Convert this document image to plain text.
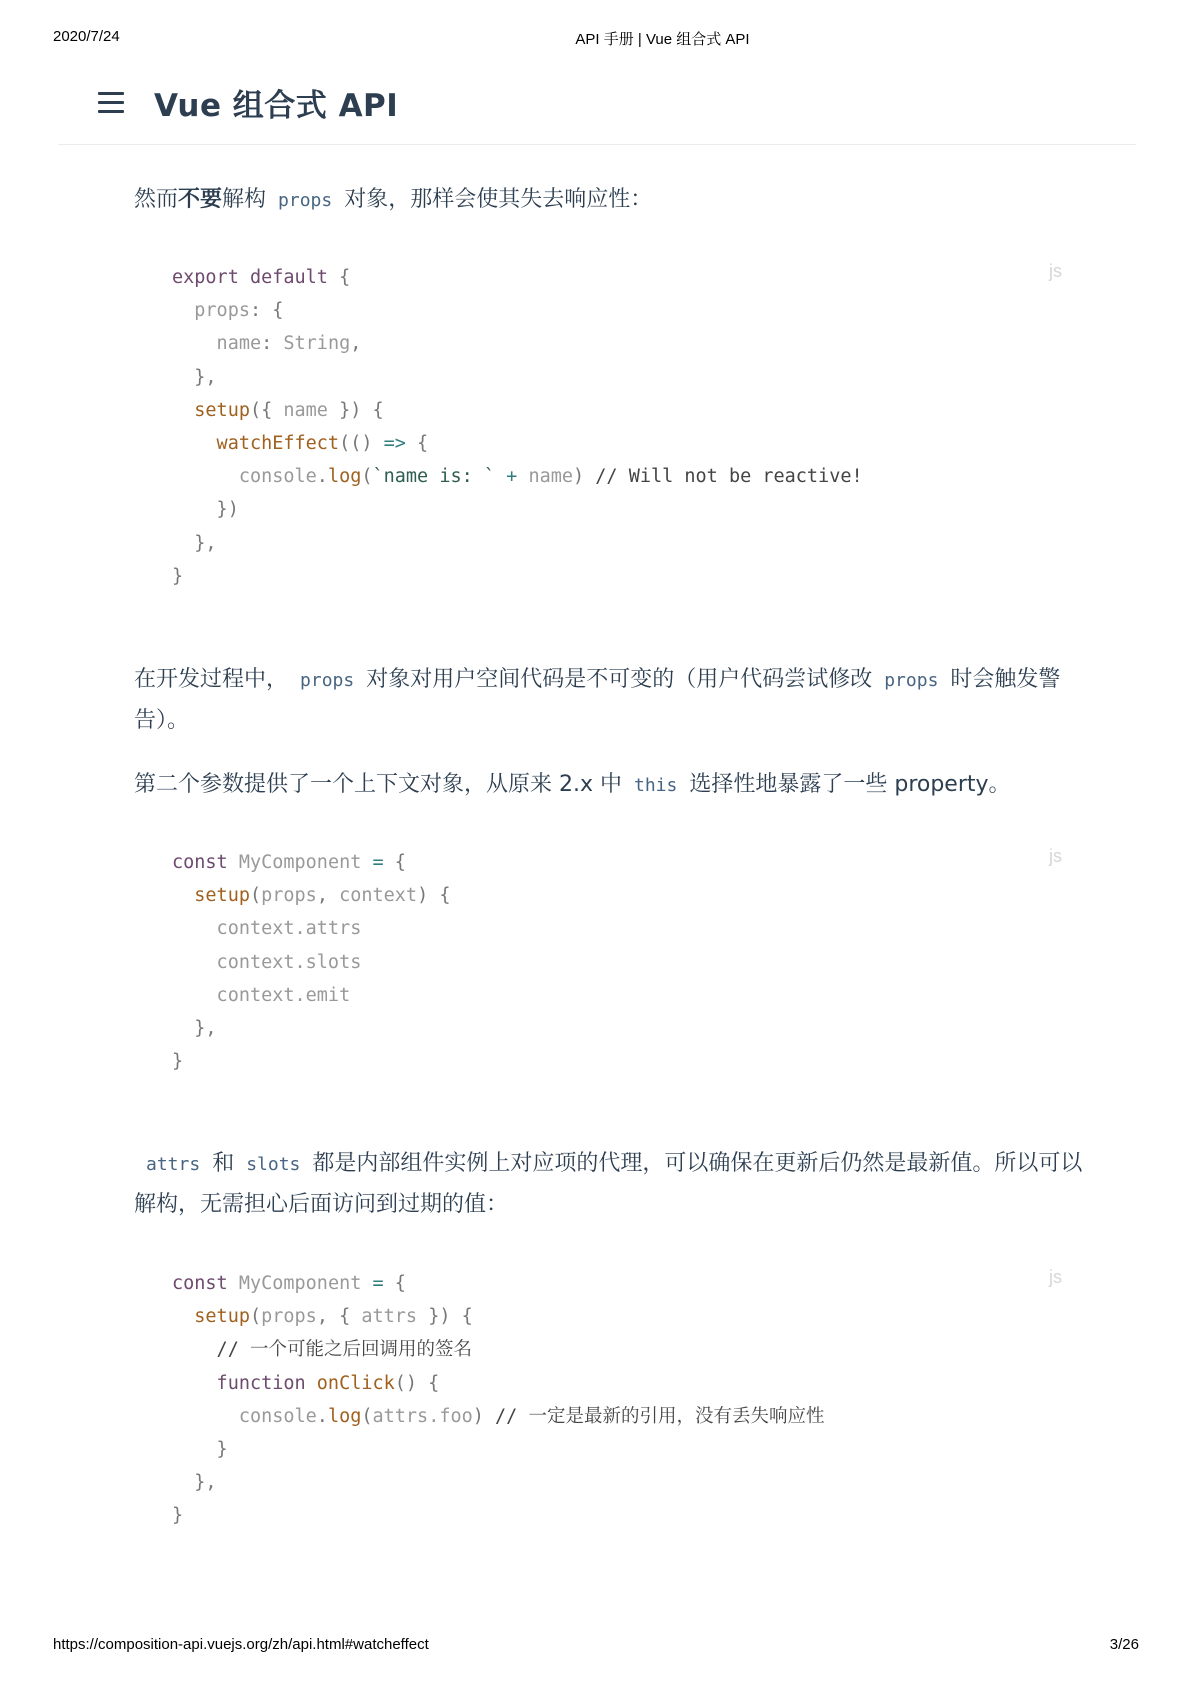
2020/7/24	API 手册 | Vue 组合式 API
Vue 组合式 API

然而不要解构 props 对象，那样会使其失去响应性：

js
export default {
props: {
name: String,
},
setup({ name }) {
watchEffect(() => {
console.log(`name is: ` + name) // Will not be reactive!
})
},
}

在开发过程中， props 对象对用户空间代码是不可变的（用户代码尝试修改 props 时会触发警告）。

第二个参数提供了一个上下文对象，从原来 2.x 中 this 选择性地暴露了一些 property。

js
const MyComponent = {
setup(props, context) {
context.attrs
context.slots
context.emit
},
}

attrs 和 slots 都是内部组件实例上对应项的代理，可以确保在更新后仍然是最新值。所以可以解构，无需担心后面访问到过期的值：

js
const MyComponent = {
setup(props, { attrs }) {
// 一个可能之后回调用的签名
function onClick() {
console.log(attrs.foo) // 一定是最新的引用，没有丢失响应性
}
},
}
https://composition-api.vuejs.org/zh/api.html#watcheffect	3/26
